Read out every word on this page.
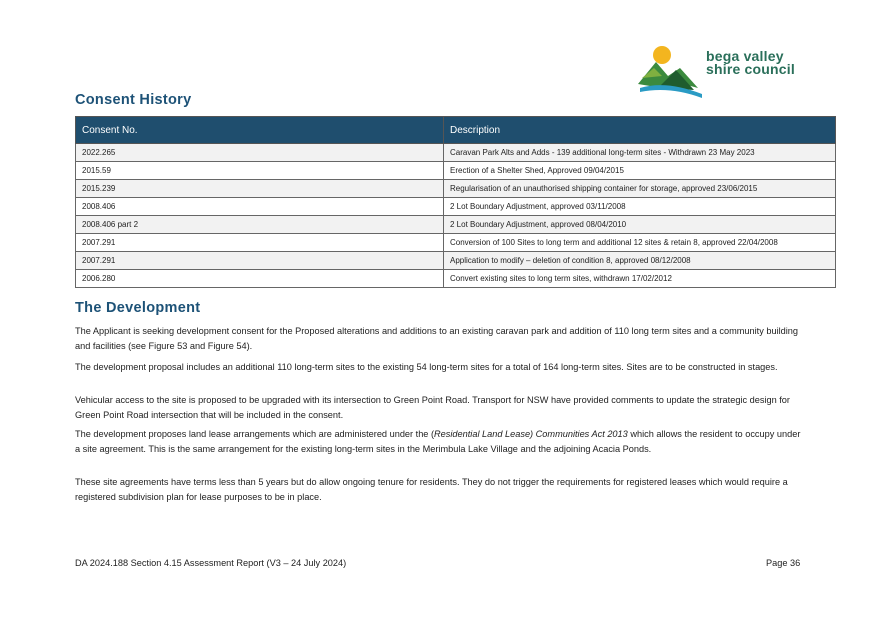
bega valley
shire council
Consent History
Consent No.	Description
2022.265	Caravan Park Alts and Adds - 139 additional long-term sites - Withdrawn 23 May 2023
2015.59	Erection of a Shelter Shed, Approved 09/04/2015
2015.239	Regularisation of an unauthorised shipping container for storage, approved 23/06/2015
2008.406	2 Lot Boundary Adjustment, approved 03/11/2008
2008.406 part 2	2 Lot Boundary Adjustment, approved 08/04/2010
2007.291	Conversion of 100 Sites to long term and additional 12 sites & retain 8, approved 22/04/2008
2007.291	Application to modify – deletion of condition 8, approved 08/12/2008
2006.280	Convert existing sites to long term sites, withdrawn 17/02/2012
The Development

The Applicant is seeking development consent for the Proposed alterations and additions to an existing caravan park and addition of 110 long term sites and a community building and facilities (see Figure 53 and Figure 54).

The development proposal includes an additional 110 long-term sites to the existing 54 long-term sites for a total of 164 long-term sites. Sites are to be constructed in stages.

Vehicular access to the site is proposed to be upgraded with its intersection to Green Point Road. Transport for NSW have provided comments to update the strategic design for Green Point Road intersection that will be included in the consent.

The development proposes land lease arrangements which are administered under the (Residential Land Lease) Communities Act 2013 which allows the resident to occupy under a site agreement. This is the same arrangement for the existing long-term sites in the Merimbula Lake Village and the adjoining Acacia Ponds.

These site agreements have terms less than 5 years but do allow ongoing tenure for residents. They do not trigger the requirements for registered leases which would require a registered subdivision plan for lease purposes to be in place.

DA 2024.188 Section 4.15 Assessment Report (V3 – 24 July 2024)	Page 36
